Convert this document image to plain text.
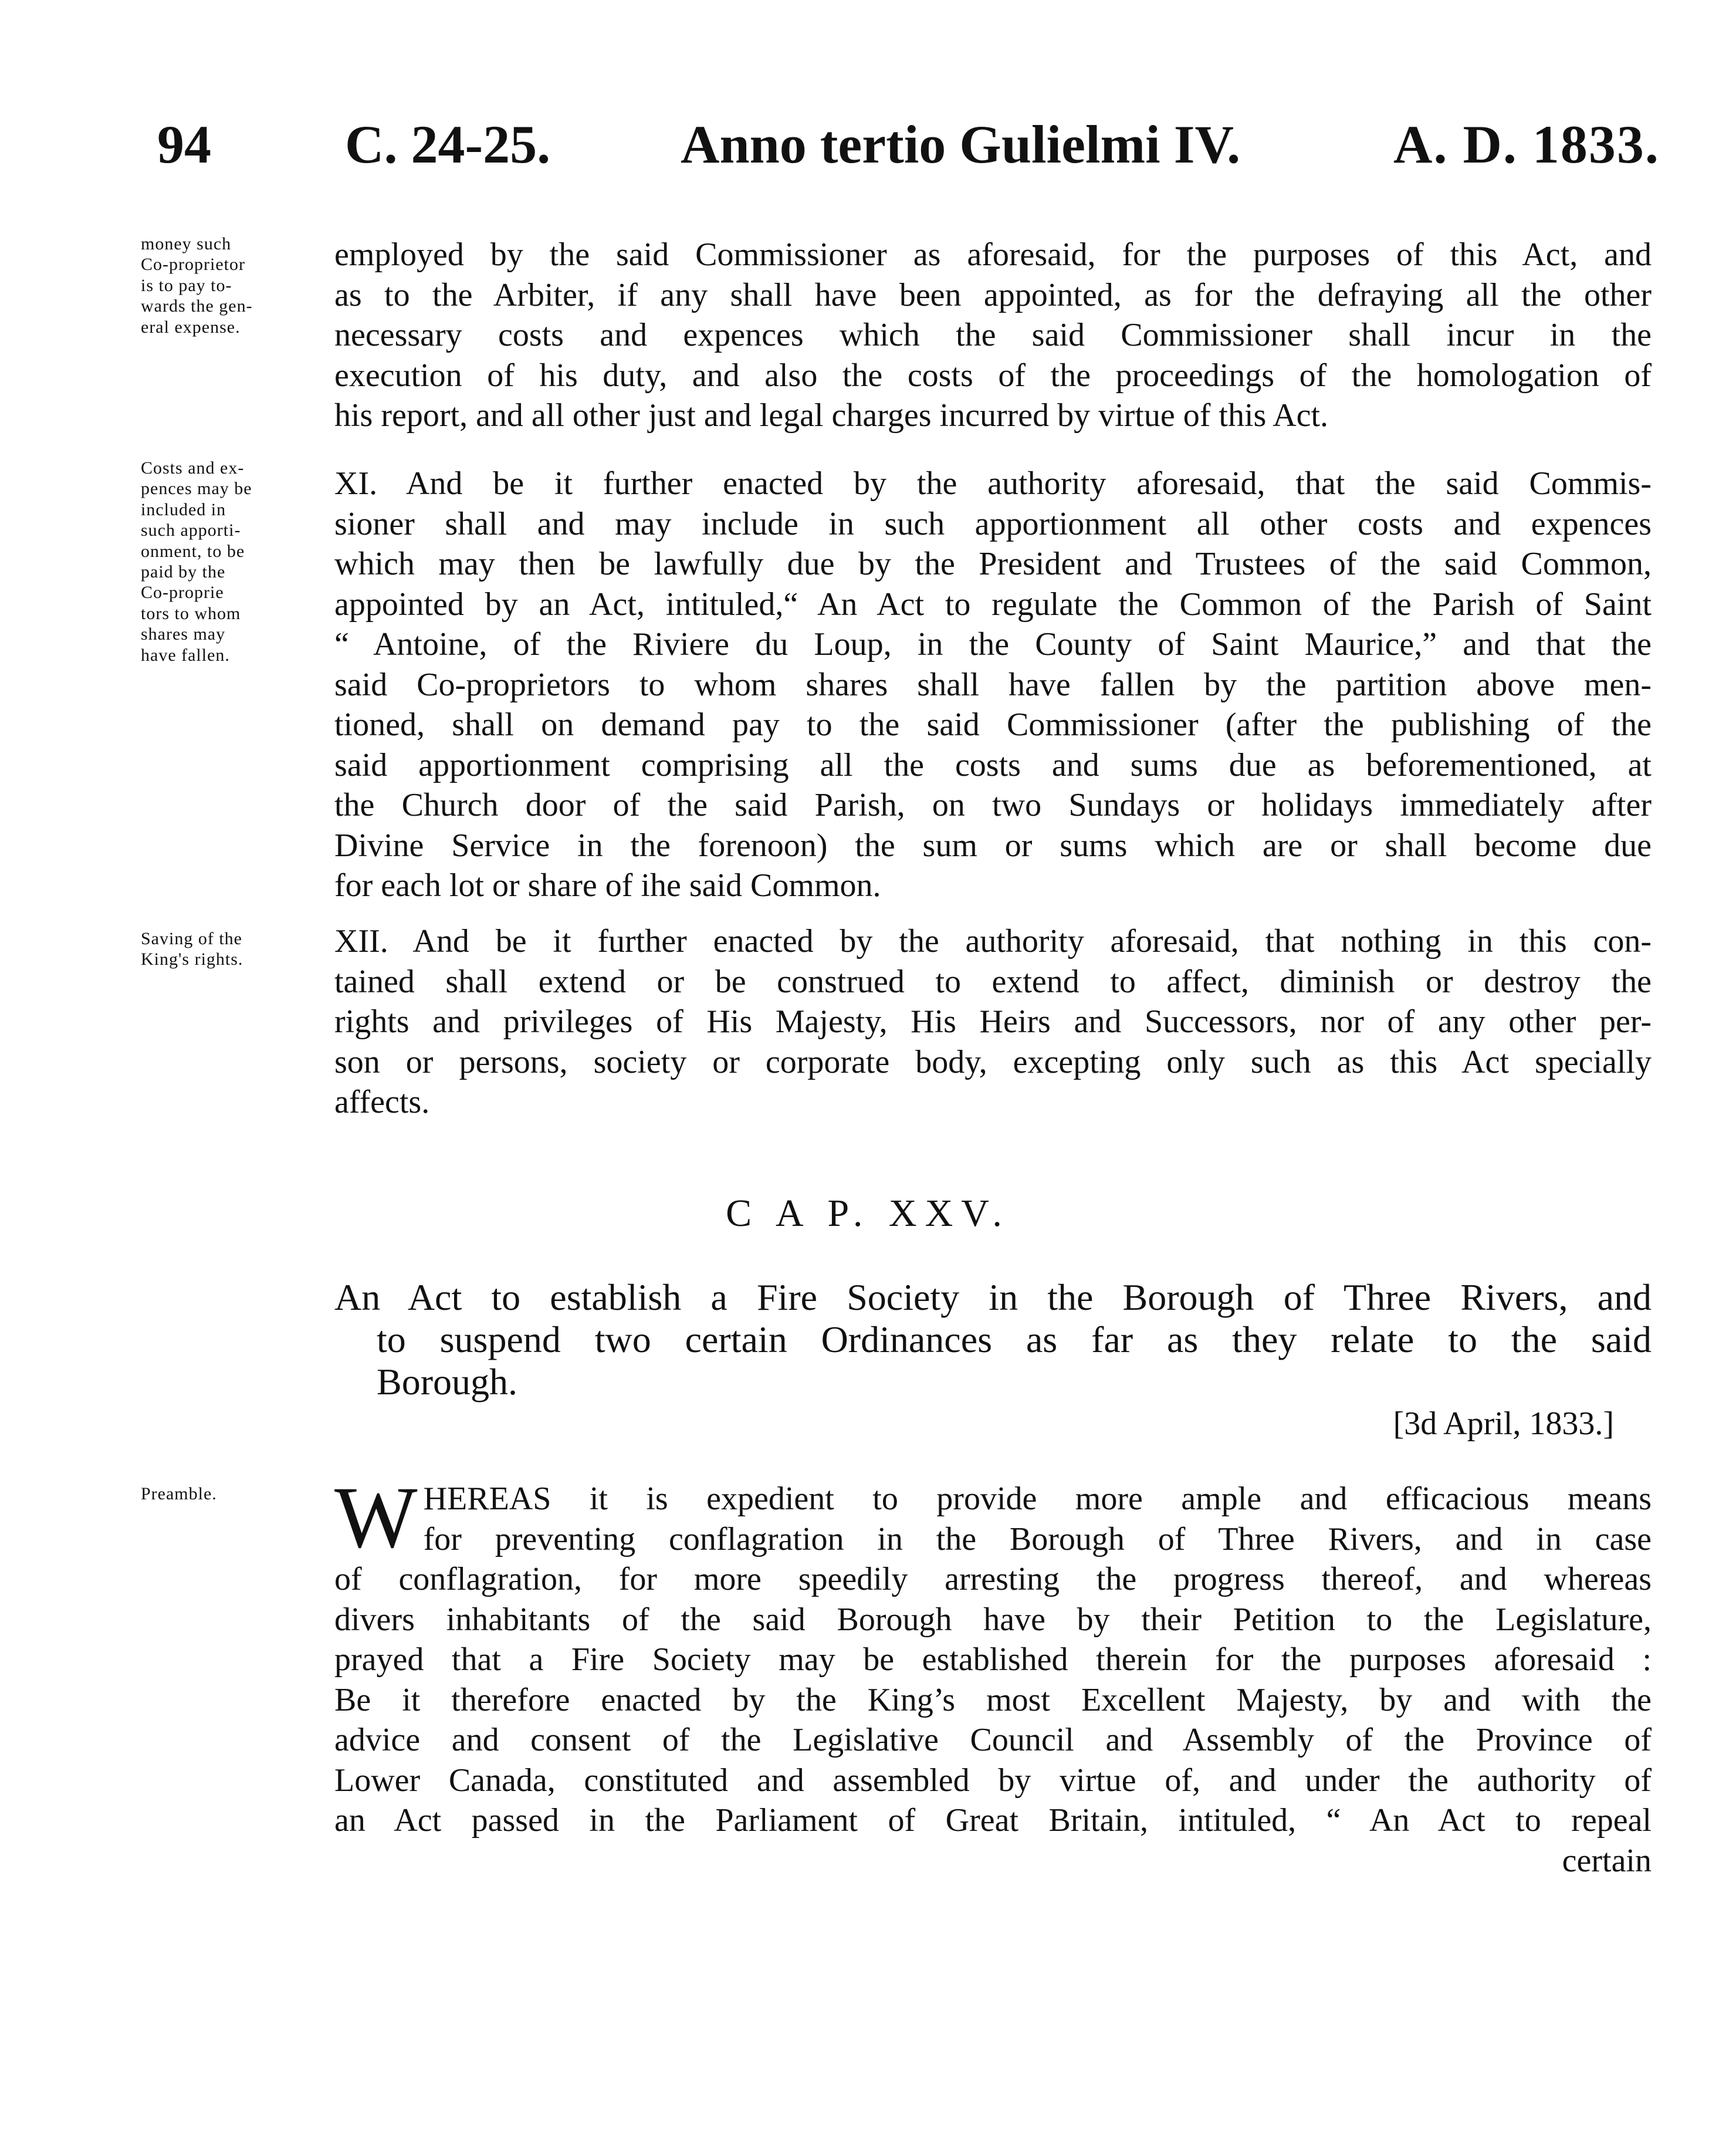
94 C. 24-25. Anno tertio Gulielmi IV.	A. D. 1833.
money such
Co-proprietor
is to pay to-
wards the gen-
eral expense.
employed by the said Commissioner as aforesaid, for the purposes of this Act, and
as to the Arbiter, if any shall have been appointed, as for the defraying all the other
necessary costs and expences which the said Commissioner shall incur in the
execution of his duty, and also the costs of the proceedings of the homologation of
his report, and all other just and legal charges incurred by virtue of this Act.
Costs and ex-
pences may be
included in
such apporti-
onment, to be
paid by the
Co-proprie
tors to whom
shares may
have fallen.
XI. And be it further enacted by the authority aforesaid, that the said Commis-
sioner shall and may include in such apportionment all other costs and expences
which may then be lawfully due by the President and Trustees of the said Common,
appointed by an Act, intituled,“ An Act to regulate the Common of the Parish of Saint
“ Antoine, of the Riviere du Loup, in the County of Saint Maurice,” and that the
said Co-proprietors to whom shares shall have fallen by the partition above men-
tioned, shall on demand pay to the said Commissioner (after the publishing of the
said apportionment comprising all the costs and sums due as beforementioned, at
the Church door of the said Parish, on two Sundays or holidays immediately after
Divine Service in the forenoon) the sum or sums which are or shall become due
for each lot or share of ihe said Common.
Saving of the
King's rights.	XII. And be it further enacted by the authority aforesaid, that nothing in this con-
tained shall extend or be construed to extend to affect, diminish or destroy the
rights and privileges of His Majesty, His Heirs and Successors, nor of any other per-
son or persons, society or corporate body, excepting only such as this Act specially
affects.
C A P. XXV.
An Act to establish a Fire Society in the Borough of Three Rivers, and
to suspend two certain Ordinances as far as they relate to the said
Borough.
[3d April, 1833.]
Preamble.	W HEREAS it is expedient to provide more ample and efficacious means
for preventing conflagration in the Borough of Three Rivers, and in case
of conflagration, for more speedily arresting the progress thereof, and whereas
divers inhabitants of the said Borough have by their Petition to the Legislature,
prayed that a Fire Society may be established therein for the purposes aforesaid :
Be it therefore enacted by the King’s most Excellent Majesty, by and with the
advice and consent of the Legislative Council and Assembly of the Province of
Lower Canada, constituted and assembled by virtue of, and under the authority of
an Act passed in the Parliament of Great Britain, intituled, “ An Act to repeal
certain
